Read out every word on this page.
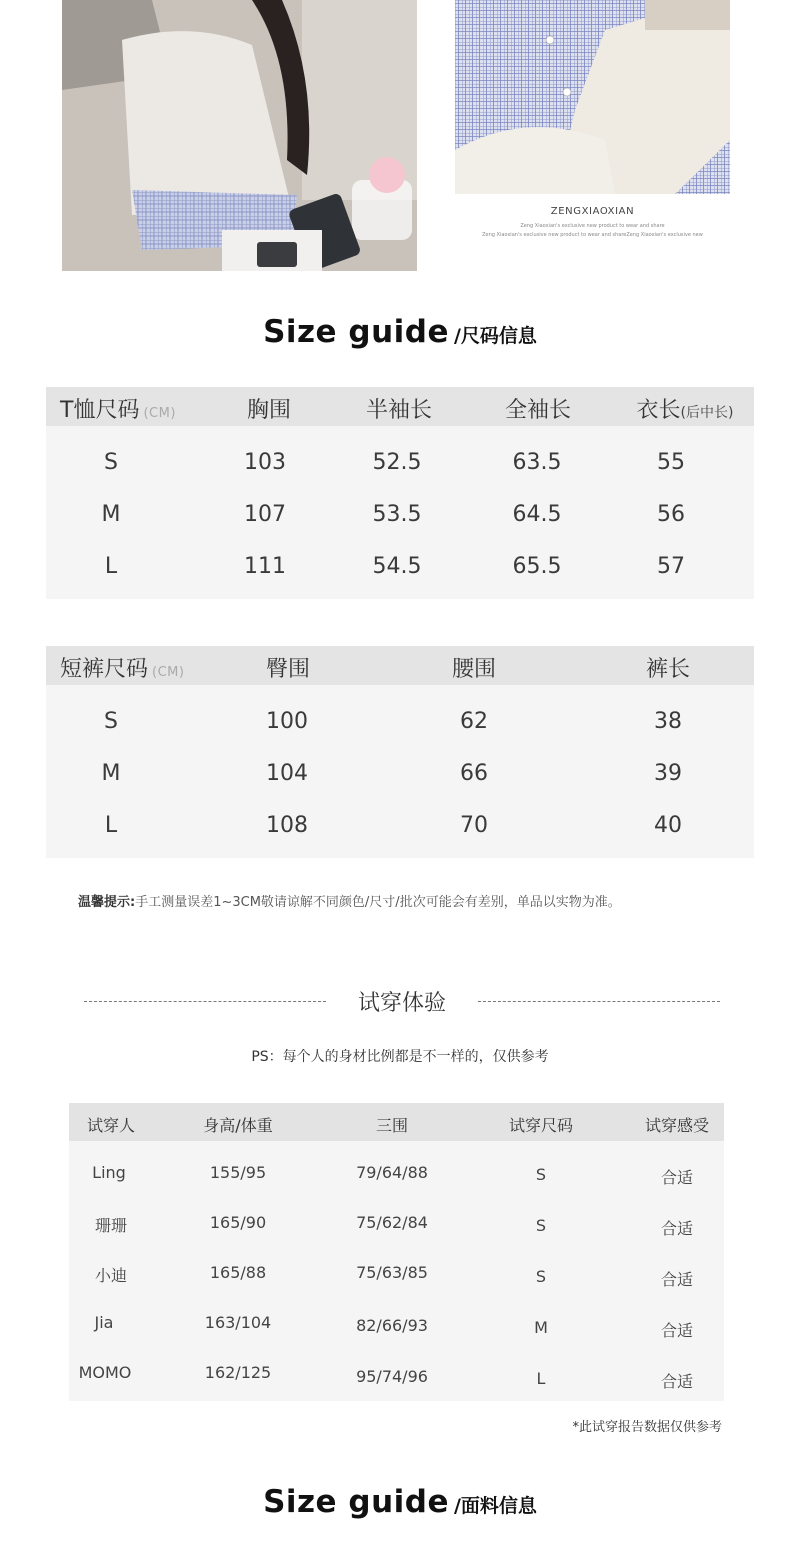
ZENGXIAOXIAN
Zeng Xiaoxian's exclusive new product to wear and share
Zeng Xiaoxian's exclusive new product to wear and shareZeng Xiaoxian's exclusive new
Size guide /尺码信息
T恤尺码 (CM)	胸围	半袖长	全袖长	衣长(后中长)
S	103	52.5	63.5	55
M	107	53.5	64.5	56
L	111	54.5	65.5	57
短裤尺码 (CM)	臀围	腰围	裤长
S	100	62	38
M	104	66	39
L	108	70	40
温馨提示:手工测量误差1~3CM敬请谅解不同颜色/尺寸/批次可能会有差别，单品以实物为准。
试穿体验
PS：每个人的身材比例都是不一样的，仅供参考
试穿人	身高/体重	三围	试穿尺码	试穿感受
Ling	155/95	79/64/88	S	合适
珊珊	165/90	75/62/84	S	合适
小迪	165/88	75/63/85	S	合适
Jia	163/104	82/66/93	M	合适
MOMO	162/125	95/74/96	L	合适
*此试穿报告数据仅供参考
Size guide /面料信息
